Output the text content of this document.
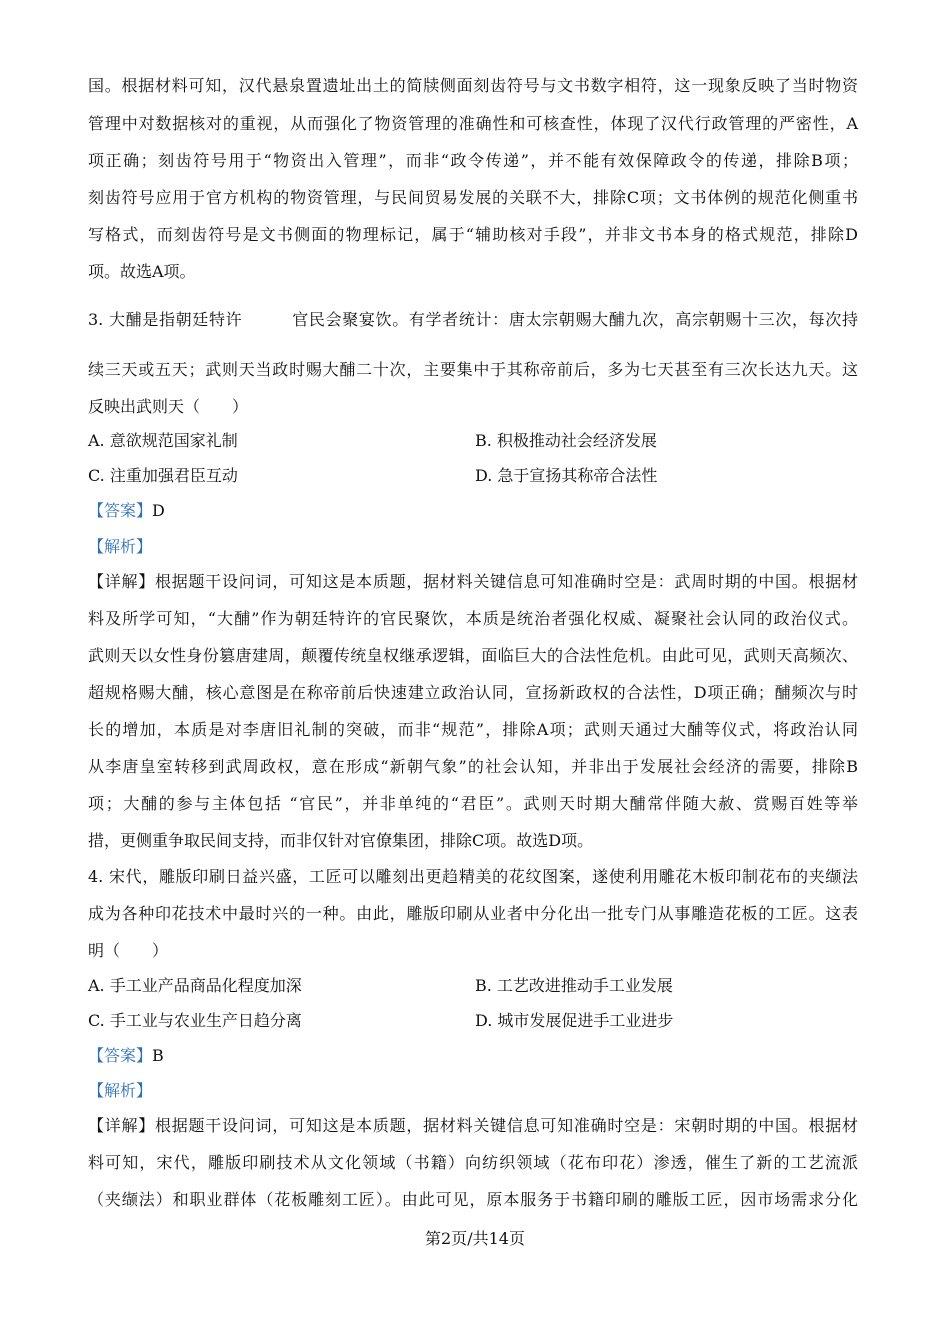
国。根据材料可知，汉代悬泉置遗址出土的简牍侧面刻齿符号与文书数字相符，这一现象反映了当时物资
管理中对数据核对的重视，从而强化了物资管理的准确性和可核查性，体现了汉代行政管理的严密性，A
项正确；刻齿符号用于“物资出入管理”，而非“政令传递”，并不能有效保障政令的传递，排除B项；
刻齿符号应用于官方机构的物资管理，与民间贸易发展的关联不大，排除C项；文书体例的规范化侧重书
写格式，而刻齿符号是文书侧面的物理标记，属于“辅助核对手段”，并非文书本身的格式规范，排除D
项。故选A项。
3. 大酺是指朝廷特许　　　官民会聚宴饮。有学者统计：唐太宗朝赐大酺九次，高宗朝赐十三次，每次持
续三天或五天；武则天当政时赐大酺二十次，主要集中于其称帝前后，多为七天甚至有三次长达九天。这
反映出武则天（　　）
A. 意欲规范国家礼制	B. 积极推动社会经济发展
C. 注重加强君臣互动	D. 急于宣扬其称帝合法性
【答案】D
【解析】
【详解】根据题干设问词，可知这是本质题，据材料关键信息可知准确时空是：武周时期的中国。根据材
料及所学可知，“大酺”作为朝廷特许的官民聚饮，本质是统治者强化权威、凝聚社会认同的政治仪式。
武则天以女性身份篡唐建周，颠覆传统皇权继承逻辑，面临巨大的合法性危机。由此可见，武则天高频次、
超规格赐大酺，核心意图是在称帝前后快速建立政治认同，宣扬新政权的合法性，D项正确；酺频次与时
长的增加，本质是对李唐旧礼制的突破，而非“规范”，排除A项；武则天通过大酺等仪式，将政治认同
从李唐皇室转移到武周政权，意在形成“新朝气象”的社会认知，并非出于发展社会经济的需要，排除B
项；大酺的参与主体包括 “官民”，并非单纯的“君臣”。武则天时期大酺常伴随大赦、赏赐百姓等举
措，更侧重争取民间支持，而非仅针对官僚集团，排除C项。故选D项。
4. 宋代，雕版印刷日益兴盛，工匠可以雕刻出更趋精美的花纹图案，遂使利用雕花木板印制花布的夹缬法
成为各种印花技术中最时兴的一种。由此，雕版印刷从业者中分化出一批专门从事雕造花板的工匠。这表
明（　　）
A. 手工业产品商品化程度加深	B. 工艺改进推动手工业发展
C. 手工业与农业生产日趋分离	D. 城市发展促进手工业进步
【答案】B
【解析】
【详解】根据题干设问词，可知这是本质题，据材料关键信息可知准确时空是：宋朝时期的中国。根据材
料可知，宋代，雕版印刷技术从文化领域（书籍）向纺织领域（花布印花）渗透，催生了新的工艺流派
（夹缬法）和职业群体（花板雕刻工匠）。由此可见，原本服务于书籍印刷的雕版工匠，因市场需求分化
第2页/共14页
